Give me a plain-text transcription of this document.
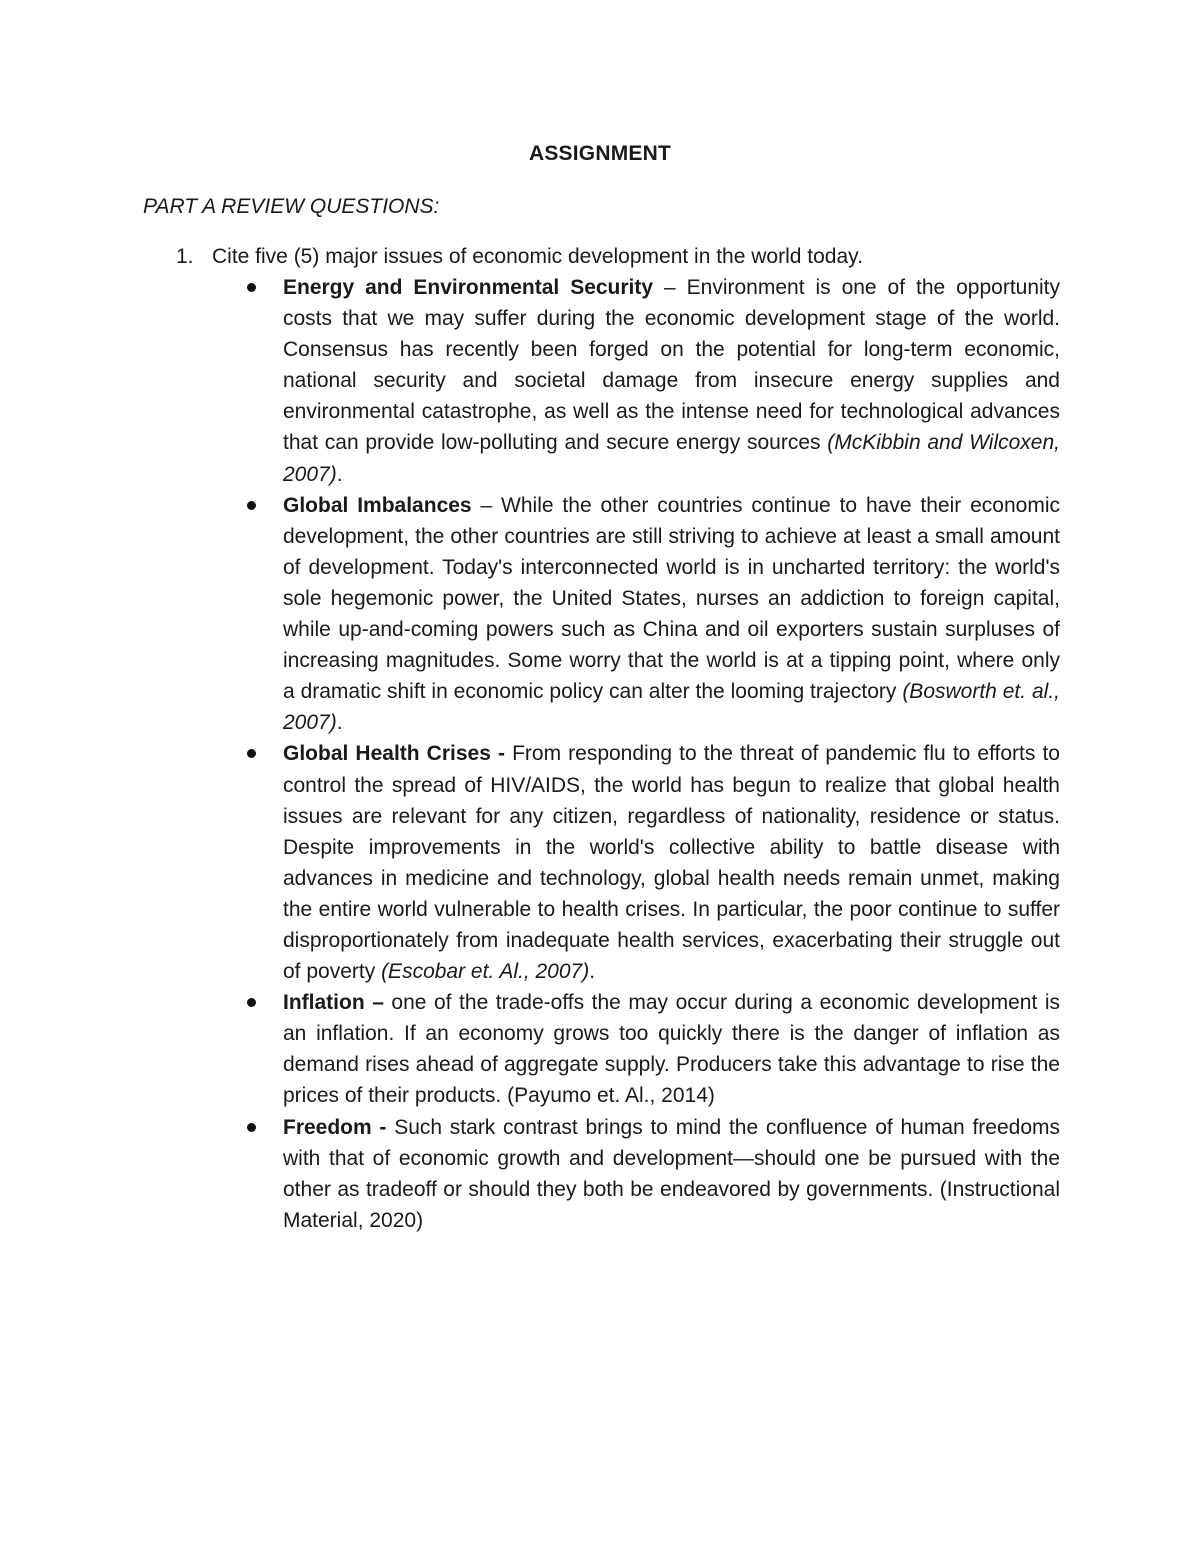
ASSIGNMENT
PART A REVIEW QUESTIONS:
1. Cite five (5) major issues of economic development in the world today.
Energy and Environmental Security – Environment is one of the opportunity costs that we may suffer during the economic development stage of the world. Consensus has recently been forged on the potential for long-term economic, national security and societal damage from insecure energy supplies and environmental catastrophe, as well as the intense need for technological advances that can provide low-polluting and secure energy sources (McKibbin and Wilcoxen, 2007).
Global Imbalances – While the other countries continue to have their economic development, the other countries are still striving to achieve at least a small amount of development. Today's interconnected world is in uncharted territory: the world's sole hegemonic power, the United States, nurses an addiction to foreign capital, while up-and-coming powers such as China and oil exporters sustain surpluses of increasing magnitudes. Some worry that the world is at a tipping point, where only a dramatic shift in economic policy can alter the looming trajectory (Bosworth et. al., 2007).
Global Health Crises - From responding to the threat of pandemic flu to efforts to control the spread of HIV/AIDS, the world has begun to realize that global health issues are relevant for any citizen, regardless of nationality, residence or status. Despite improvements in the world's collective ability to battle disease with advances in medicine and technology, global health needs remain unmet, making the entire world vulnerable to health crises. In particular, the poor continue to suffer disproportionately from inadequate health services, exacerbating their struggle out of poverty (Escobar et. Al., 2007).
Inflation – one of the trade-offs the may occur during a economic development is an inflation. If an economy grows too quickly there is the danger of inflation as demand rises ahead of aggregate supply. Producers take this advantage to rise the prices of their products. (Payumo et. Al., 2014)
Freedom - Such stark contrast brings to mind the confluence of human freedoms with that of economic growth and development—should one be pursued with the other as tradeoff or should they both be endeavored by governments. (Instructional Material, 2020)
